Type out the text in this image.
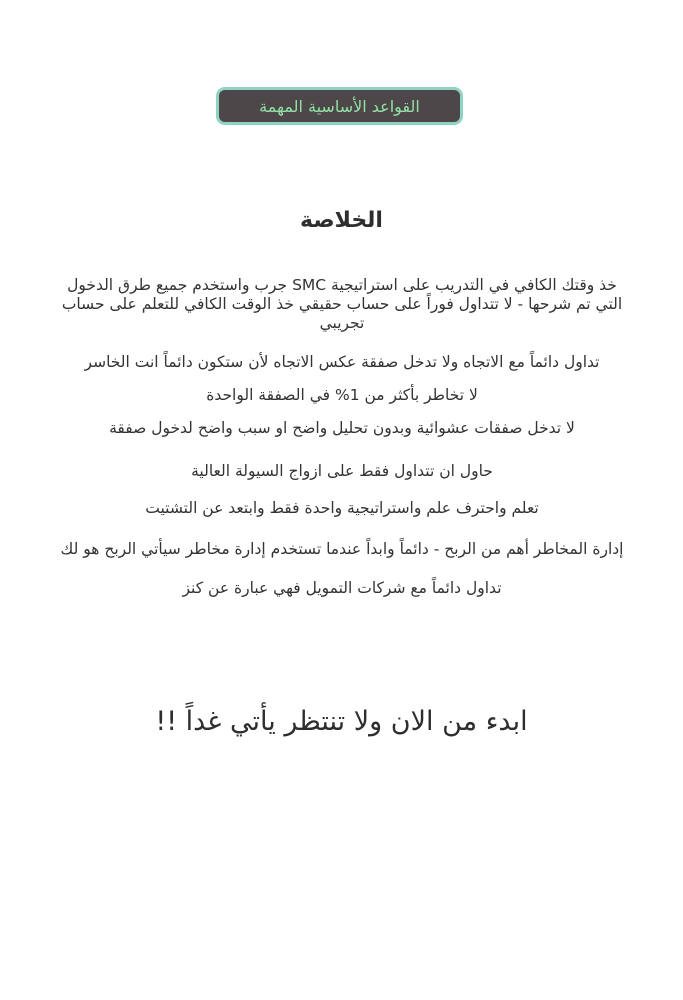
القواعد الأساسية المهمة
الخلاصة

خذ وقتك الكافي في التدريب على استراتيجية SMC جرب واستخدم جميع طرق الدخول التي تم شرحها - لا تتداول فوراً على حساب حقيقي خذ الوقت الكافي للتعلم على حساب تجريبي

تداول دائماً مع الاتجاه ولا تدخل صفقة عكس الاتجاه لأن ستكون دائماً انت الخاسر

لا تخاطر بأكثر من 1% في الصفقة الواحدة

لا تدخل صفقات عشوائية وبدون تحليل واضح او سبب واضح لدخول صفقة

حاول ان تتداول فقط على ازواج السيولة العالية

تعلم واحترف علم واستراتيجية واحدة فقط وابتعد عن التشتيت

إدارة المخاطر أهم من الربح - دائماً وابداً عندما تستخدم إدارة مخاطر سيأتي الربح هو لك

تداول دائماً مع شركات التمويل فهي عبارة عن كنز

ابدء من الان ولا تنتظر يأتي غداً !!
